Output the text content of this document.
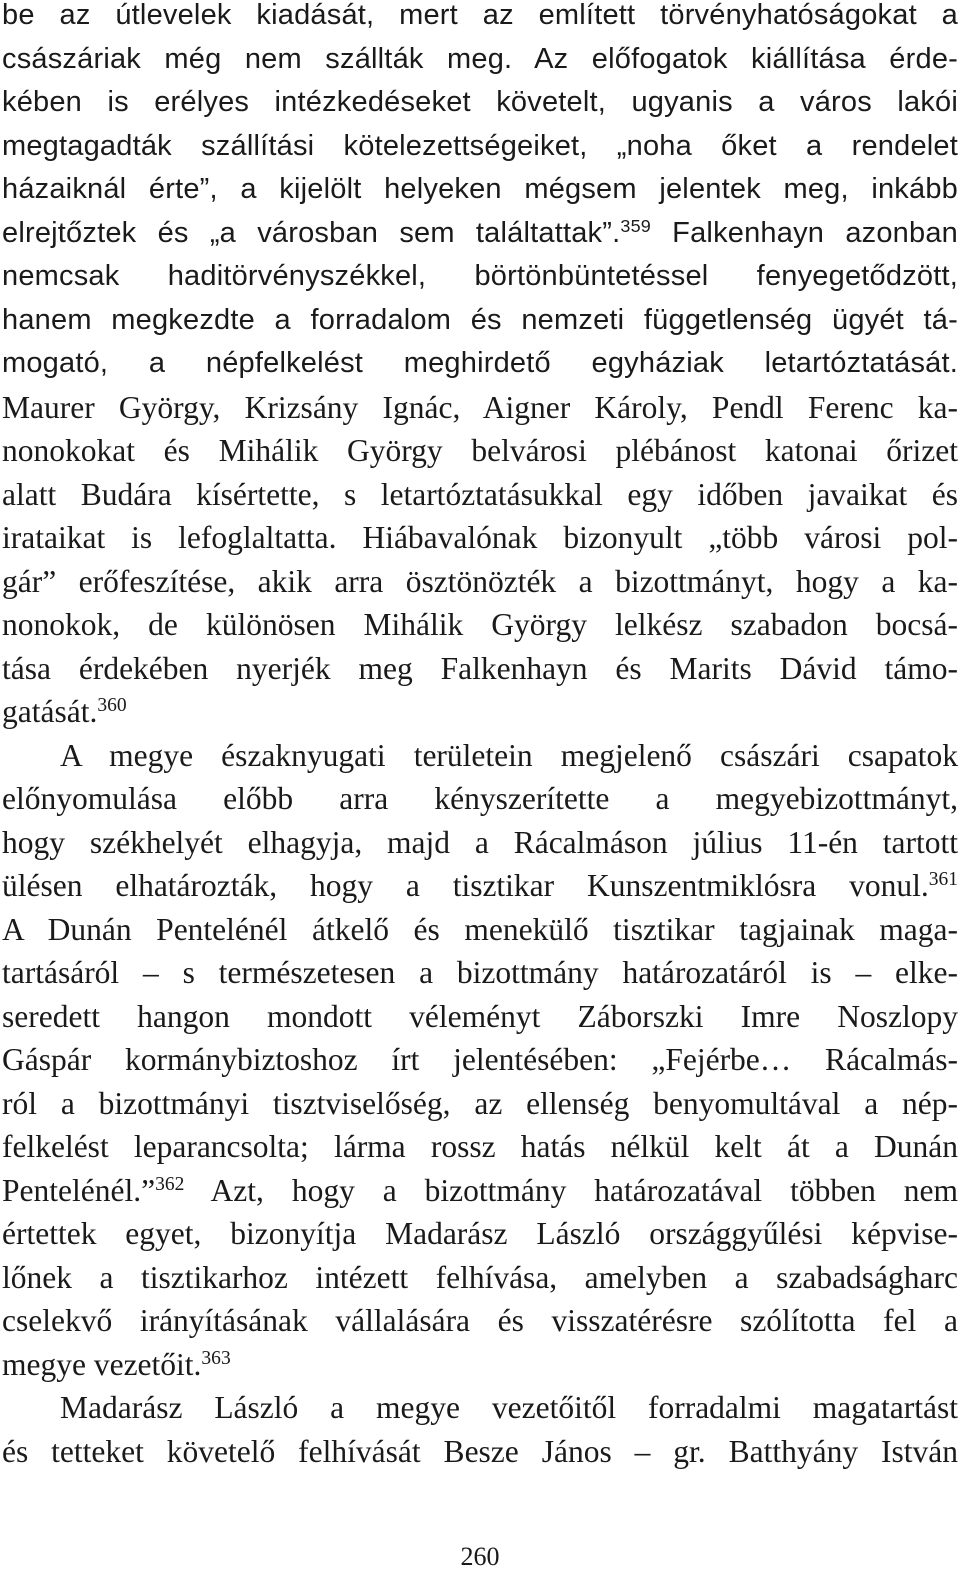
be az útlevelek kiadását, mert az említett törvényhatóságokat a
császáriak még nem szállták meg. Az előfogatok kiállítása érde-
kében is erélyes intézkedéseket követelt, ugyanis a város lakói
megtagadták szállítási kötelezettségeiket, „noha őket a rendelet
házaiknál érte”, a kijelölt helyeken mégsem jelentek meg, inkább
elrejtőztek és „a városban sem találtattak”.$^{359}$ Falkenhayn azonban
nemcsak haditörvényszékkel, börtönbüntetéssel fenyegetődzött,
hanem megkezdte a forradalom és nemzeti függetlenség ügyét tá-
mogató, a népfelkelést meghirdető egyháziak letartóztatását.
Maurer György, Krizsány Ignác, Aigner Károly, Pendl Ferenc ka-
nonokokat és Mihálik György belvárosi plébánost katonai őrizet
alatt Budára kísértette, s letartóztatásukkal egy időben javaikat és
irataikat is lefoglaltatta. Hiábavalónak bizonyult „több városi pol-
gár” erőfeszítése, akik arra ösztönözték a bizottmányt, hogy a ka-
nonokok, de különösen Mihálik György lelkész szabadon bocsá-
tása érdekében nyerjék meg Falkenhayn és Marits Dávid támo-
gatását.$^{360}$
A megye északnyugati területein megjelenő császári csapatok
előnyomulása előbb arra kényszerítette a megyebizottmányt,
hogy székhelyét elhagyja, majd a Rácalmáson július 11-én tartott
ülésen elhatározták, hogy a tisztikar Kunszentmiklósra vonul.$^{361}$
A Dunán Pentelénél átkelő és menekülő tisztikar tagjainak maga-
tartásáról – s természetesen a bizottmány határozatáról is – elke-
seredett hangon mondott véleményt Záborszki Imre Noszlopy
Gáspár kormánybiztoshoz írt jelentésében: „Fejérbe… Rácalmás-
ról a bizottmányi tisztviselőség, az ellenség benyomultával a nép-
felkelést leparancsolta; lárma rossz hatás nélkül kelt át a Dunán
Pentelénél.”$^{362}$ Azt, hogy a bizottmány határozatával többen nem
értettek egyet, bizonyítja Madarász László országgyűlési képvise-
lőnek a tisztikarhoz intézett felhívása, amelyben a szabadságharc
cselekvő irányításának vállalására és visszatérésre szólította fel a
megye vezetőit.$^{363}$
Madarász László a megye vezetőitől forradalmi magatartást
és tetteket követelő felhívását Besze János – gr. Batthyány István
260
